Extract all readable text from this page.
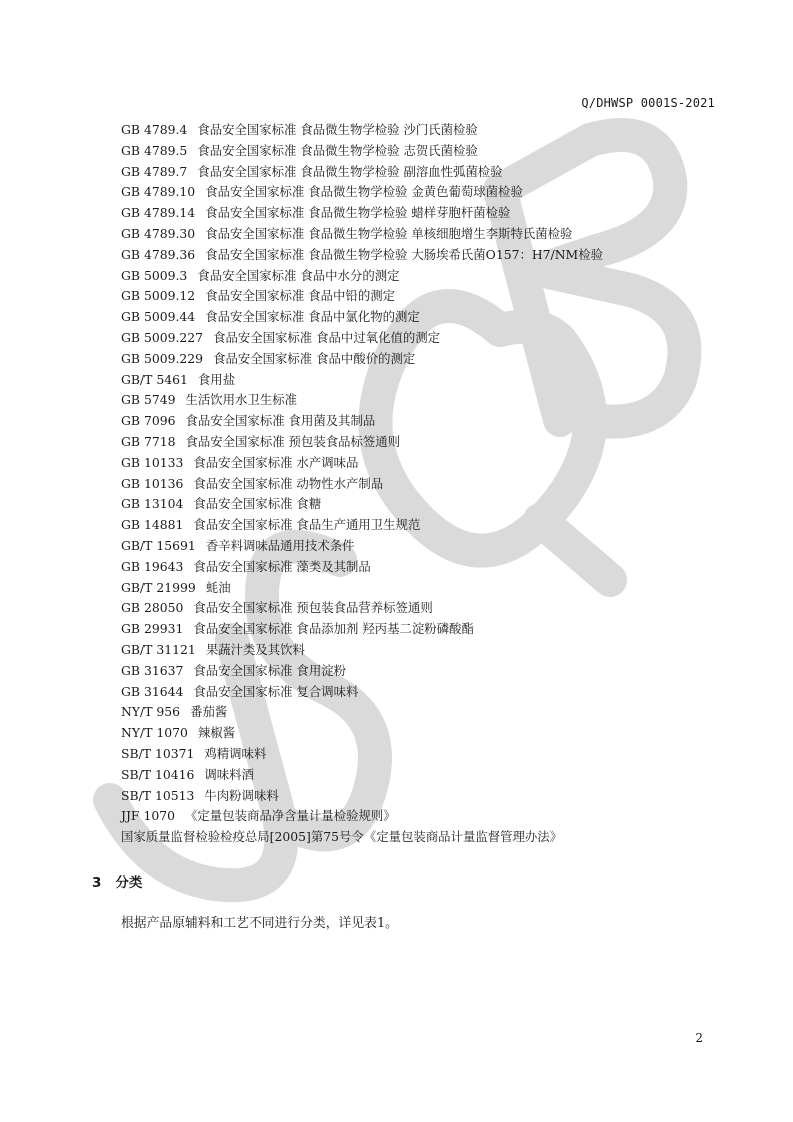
Q/DHWSP 0001S-2021
GB 4789.4 食品安全国家标准 食品微生物学检验 沙门氏菌检验
GB 4789.5 食品安全国家标准 食品微生物学检验 志贺氏菌检验
GB 4789.7 食品安全国家标准 食品微生物学检验 副溶血性弧菌检验
GB 4789.10 食品安全国家标准 食品微生物学检验 金黄色葡萄球菌检验
GB 4789.14 食品安全国家标准 食品微生物学检验 蜡样芽胞杆菌检验
GB 4789.30 食品安全国家标准 食品微生物学检验 单核细胞增生李斯特氏菌检验
GB 4789.36 食品安全国家标准 食品微生物学检验 大肠埃希氏菌O157：H7/NM检验
GB 5009.3 食品安全国家标准 食品中水分的测定
GB 5009.12 食品安全国家标准 食品中铅的测定
GB 5009.44 食品安全国家标准 食品中氯化物的测定
GB 5009.227 食品安全国家标准 食品中过氧化值的测定
GB 5009.229 食品安全国家标准 食品中酸价的测定
GB/T 5461 食用盐
GB 5749 生活饮用水卫生标准
GB 7096 食品安全国家标准 食用菌及其制品
GB 7718 食品安全国家标准 预包装食品标签通则
GB 10133 食品安全国家标准 水产调味品
GB 10136 食品安全国家标准 动物性水产制品
GB 13104 食品安全国家标准 食糖
GB 14881 食品安全国家标准 食品生产通用卫生规范
GB/T 15691 香辛料调味品通用技术条件
GB 19643 食品安全国家标准 藻类及其制品
GB/T 21999 蚝油
GB 28050 食品安全国家标准 预包装食品营养标签通则
GB 29931 食品安全国家标准 食品添加剂 羟丙基二淀粉磷酸酯
GB/T 31121 果蔬汁类及其饮料
GB 31637 食品安全国家标准 食用淀粉
GB 31644 食品安全国家标准 复合调味料
NY/T 956 番茄酱
NY/T 1070 辣椒酱
SB/T 10371 鸡精调味料
SB/T 10416 调味料酒
SB/T 10513 牛肉粉调味料
JJF 1070 《定量包装商品净含量计量检验规则》
国家质量监督检验检疫总局[2005]第75号令《定量包装商品计量监督管理办法》
3 分类
根据产品原辅料和工艺不同进行分类，详见表1。
2
